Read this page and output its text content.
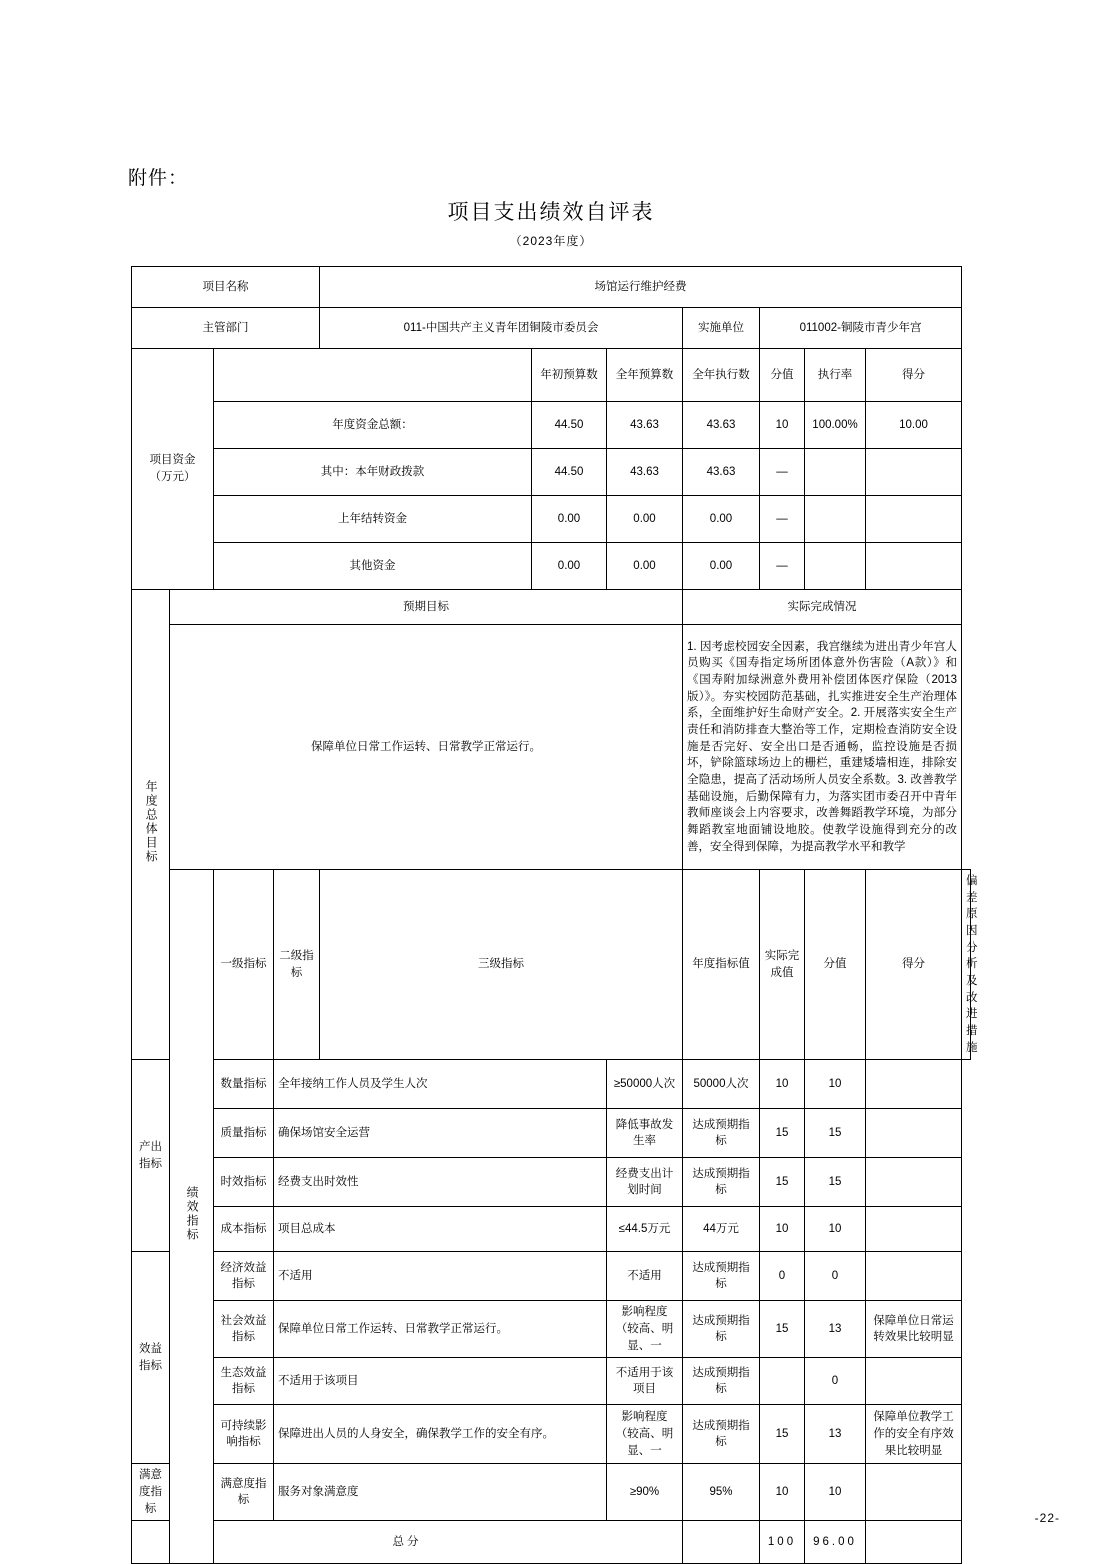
附件：
项目支出绩效自评表
（2023年度）
项目名称				场馆运行维护经费							
主管部门				011-中国共产主义青年团铜陵市委员会			实施单位	011002-铜陵市青少年宫			

项目资金
（万元）					年初预算数	全年预算数	全年执行数	分值	执行率	得分	
		年度资金总额：			44.50	43.63	43.63	10	100.00%	10.00	
		其中：本年财政拨款			44.50	43.63	43.63	—			
		上年结转资金			0.00	0.00	0.00	—			
		其他资金			0.00	0.00	0.00	—			
年度总体目标	预期目标						实际完成情况				
	保障单位日常工作运转、日常教学正常运行。						1. 因考虑校园安全因素，我宫继续为进出青少年宫人员购买《国寿指定场所团体意外伤害险（A款）》和《国寿附加绿洲意外费用补偿团体医疗保险（2013版）》。夯实校园防范基础，扎实推进安全生产治理体系，全面维护好生命财产安全。2. 开展落实安全生产责任和消防排查大整治等工作，定期检查消防安全设施是否完好、安全出口是否通畅，监控设施是否损坏，铲除篮球场边上的栅栏，重建矮墙相连，排除安全隐患，提高了活动场所人员安全系数。3. 改善教学基础设施，后勤保障有力，为落实团市委召开中青年教师座谈会上内容要求，改善舞蹈教学环境，为部分舞蹈教室地面铺设地胶。使教学设施得到充分的改善，安全得到保障，为提高教学水平和教学				
	绩效指标	一级指标	二级指标	三级指标			年度指标值	实际完成值	分值	得分	偏差原因分析及改进措施
产出指标		数量指标	全年接纳工作人员及学生人次			≥50000人次	50000人次	10	10		
		质量指标	确保场馆安全运营			降低事故发生率	达成预期指标	15	15		
		时效指标	经费支出时效性			经费支出计划时间	达成预期指标	15	15		
		成本指标	项目总成本			≤44.5万元	44万元	10	10		
效益指标		经济效益指标	不适用			不适用	达成预期指标	0	0		
		社会效益指标	保障单位日常工作运转、日常教学正常运行。			影响程度（较高、明显、一	达成预期指标	15	13	保障单位日常运转效果比较明显	
		生态效益指标	不适用于该项目			不适用于该项目	达成预期指标		0		
		可持续影响指标	保障进出人员的人身安全，确保教学工作的安全有序。			影响程度（较高、明显、一	达成预期指标	15	13	保障单位教学工作的安全有序效果比较明显	
满意度指标		满意度指标	服务对象满意度			≥90%	95%	10	10		
总分								100	96.00		
-22-
